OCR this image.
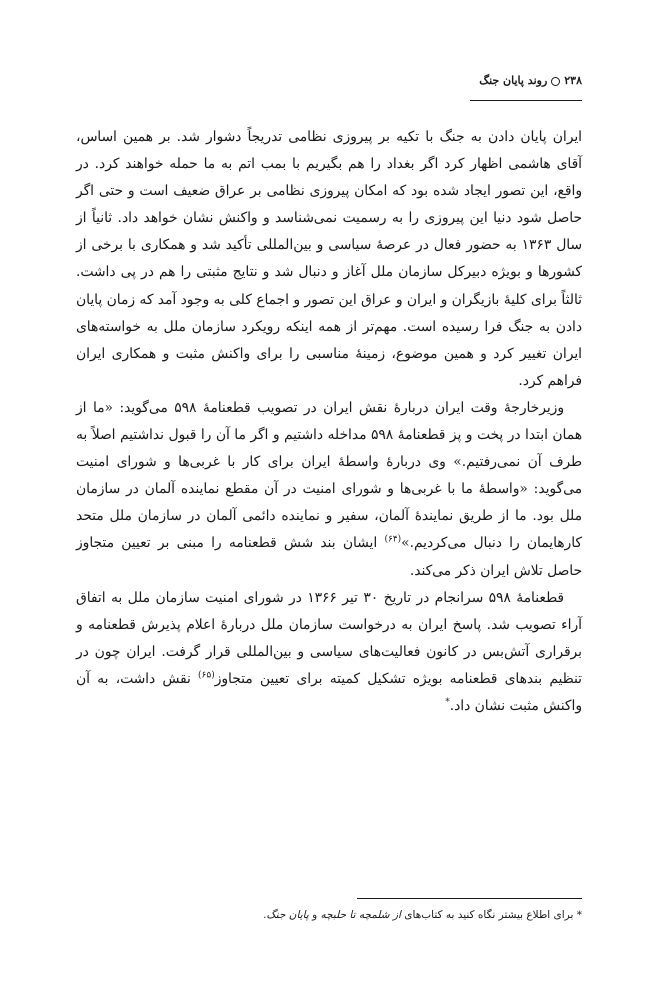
۲۳۸روند پایان جنگ

ایران پایان دادن به جنگ با تکیه بر پیروزی نظامی تدریجاً دشوار شد. بر همین اساس، آقای هاشمی اظهار کرد اگر بغداد را هم بگیریم با بمب اتم به ما حمله خواهند کرد. در واقع، این تصور ایجاد شده بود که امکان پیروزی نظامی بر عراق ضعیف است و حتی اگر حاصل شود دنیا این پیروزی را به رسمیت نمی‌شناسد و واکنش نشان خواهد داد. ثانیاً از سال ۱۳۶۳ به حضور فعال در عرصهٔ سیاسی و بین‌المللی تأکید شد و همکاری با برخی از کشورها و بویژه دبیرکل سازمان ملل آغاز و دنبال شد و نتایج مثبتی را هم در پی داشت. ثالثاً برای کلیهٔ بازیگران و ایران و عراق این تصور و اجماع کلی به وجود آمد که زمان پایان دادن به جنگ فرا رسیده است. مهم‌تر از همه اینکه رویکرد سازمان ملل به خواسته‌های ایران تغییر کرد و همین موضوع، زمینهٔ مناسبی را برای واکنش مثبت و همکاری ایران فراهم کرد.

وزیرخارجهٔ وقت ایران دربارهٔ نقش ایران در تصویب قطعنامهٔ ۵۹۸ می‌گوید: «ما از همان ابتدا در پخت و پز قطعنامهٔ ۵۹۸ مداخله داشتیم و اگر ما آن را قبول نداشتیم اصلاً به طرف آن نمی‌رفتیم.» وی دربارهٔ واسطهٔ ایران برای کار با غربی‌ها و شورای امنیت می‌گوید: «واسطهٔ ما با غربی‌ها و شورای امنیت در آن مقطع نماینده آلمان در سازمان ملل بود. ما از طریق نمایندهٔ آلمان، سفیر و نماینده دائمی آلمان در سازمان ملل متحد کارهایمان را دنبال می‌کردیم.»$^{(۶۴)}$ ایشان بند شش قطعنامه را مبنی بر تعیین متجاوز حاصل تلاش ایران ذکر می‌کند.

قطعنامهٔ ۵۹۸ سرانجام در تاریخ ۳۰ تیر ۱۳۶۶ در شورای امنیت سازمان ملل به اتفاق آراء تصویب شد. پاسخ ایران به درخواست سازمان ملل دربارهٔ اعلام پذیرش قطعنامه و برقراری آتش‌بس در کانون فعالیت‌های سیاسی و بین‌المللی قرار گرفت. ایران چون در تنظیم بندهای قطعنامه بویژه تشکیل کمیته برای تعیین متجاوز$^{(۶۵)}$ نقش داشت، به آن واکنش مثبت نشان داد.*

* برای اطلاع بیشتر نگاه کنید به کتاب‌های از شلمچه تا حلبچه و پایان جنگ.
